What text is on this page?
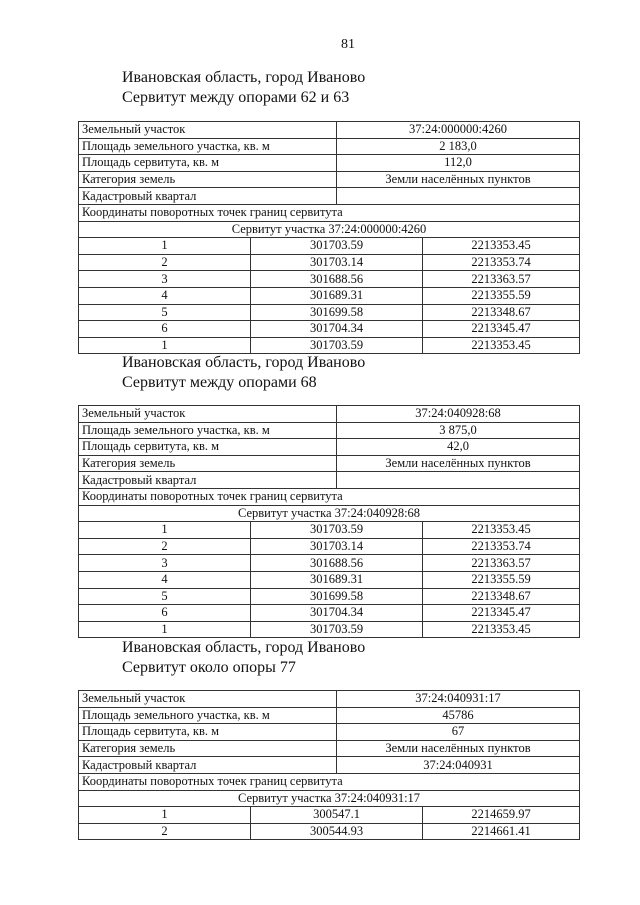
81
Ивановская область, город Иваново
Сервитут между опорами 62 и 63
Земельный участок		37:24:000000:4260	
Площадь земельного участка, кв. м		2 183,0	
Площадь сервитута, кв. м		112,0	
Категория земель		Земли населённых пунктов	
Кадастровый квартал			
Координаты поворотных точек границ сервитута			
Сервитут участка 37:24:000000:4260			
1	301703.59		2213353.45
2	301703.14		2213353.74
3	301688.56		2213363.57
4	301689.31		2213355.59
5	301699.58		2213348.67
6	301704.34		2213345.47
1	301703.59		2213353.45
Ивановская область, город Иваново
Сервитут между опорами 68
Земельный участок		37:24:040928:68	
Площадь земельного участка, кв. м		3 875,0	
Площадь сервитута, кв. м		42,0	
Категория земель		Земли населённых пунктов	
Кадастровый квартал			
Координаты поворотных точек границ сервитута			
Сервитут участка 37:24:040928:68			
1	301703.59		2213353.45
2	301703.14		2213353.74
3	301688.56		2213363.57
4	301689.31		2213355.59
5	301699.58		2213348.67
6	301704.34		2213345.47
1	301703.59		2213353.45
Ивановская область, город Иваново
Сервитут около опоры 77
Земельный участок		37:24:040931:17	
Площадь земельного участка, кв. м		45786	
Площадь сервитута, кв. м		67	
Категория земель		Земли населённых пунктов	
Кадастровый квартал		37:24:040931	
Координаты поворотных точек границ сервитута			
Сервитут участка 37:24:040931:17			
1	300547.1		2214659.97
2	300544.93		2214661.41
